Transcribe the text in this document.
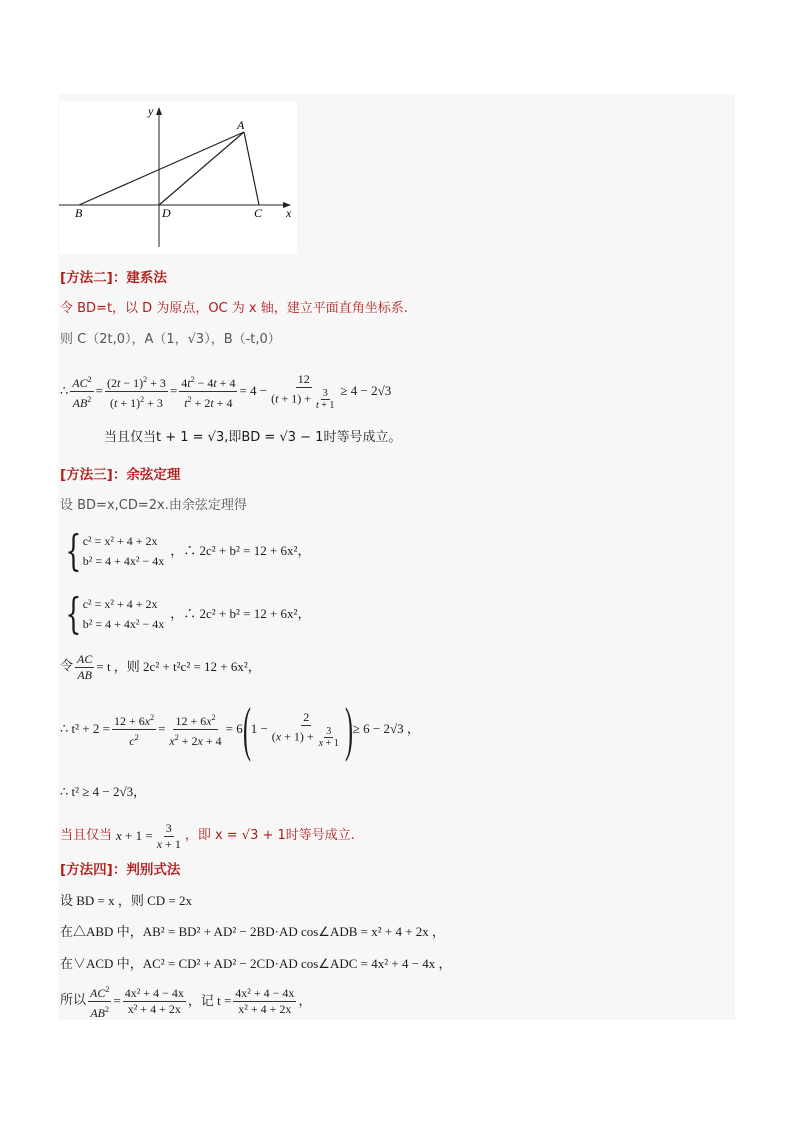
y
x
A
B	C
D
[方法二]：建系法
令 BD=t，以 D 为原点，OC 为 x 轴，建立平面直角坐标系.
则 C（2t,0），A（1，√3），B（-t,0）
∴ $\frac{AC^2}{AB^2} = \frac{(2t - 1)^2 + 3}{(t + 1)^2 + 3} = \frac{4t^2 - 4t + 4}{t^2 + 2t + 4} = 4 - \frac{12}{(t + 1) + \frac{3}{t + 1}} \ge 4 - 2√3$
当且仅当t + 1 = √3,即BD = √3 − 1时等号成立。
[方法三]：余弦定理
设 BD=x,CD=2x.由余弦定理得
{ c² = x² + 4 + 2x
b² = 4 + 4x² − 4x
，∴ 2c² + b² = 12 + 6x²，
{ c² = x² + 4 + 2x
b² = 4 + 4x² − 4x
，∴ 2c² + b² = 12 + 6x²，
令 $\frac{AC}{AB} = t$ ，则 2c² + t²c² = 12 + 6x²，
∴ $t^2 + 2 = \frac{12 + 6x^2}{c^2} = \frac{12 + 6x^2}{x^2 + 2x + 4} = 6$ ( $1 - \frac{2}{(x + 1) + \frac{3}{x + 1}}$ ) ≥ 6 − 2√3 ，
∴ t² ≥ 4 − 2√3，
当且仅当 $x + 1 = \frac{3}{x + 1}$ ，即 x = √3 + 1时等号成立.
[方法四]：判别式法
设 BD = x ，则 CD = 2x
在△ABD 中，AB² = BD² + AD² − 2BD·AD cos∠ADB = x² + 4 + 2x ，
在∨ACD 中，AC² = CD² + AD² − 2CD·AD cos∠ADC = 4x² + 4 − 4x ，
所以 $\frac{AC^2}{AB^2} = \frac{\text{4x² + 4 − 4x}}{\text{x² + 4 + 2x}}$ ，记 $t = \frac{\text{4x² + 4 − 4x}}{\text{x² + 4 + 2x}}$ ，
